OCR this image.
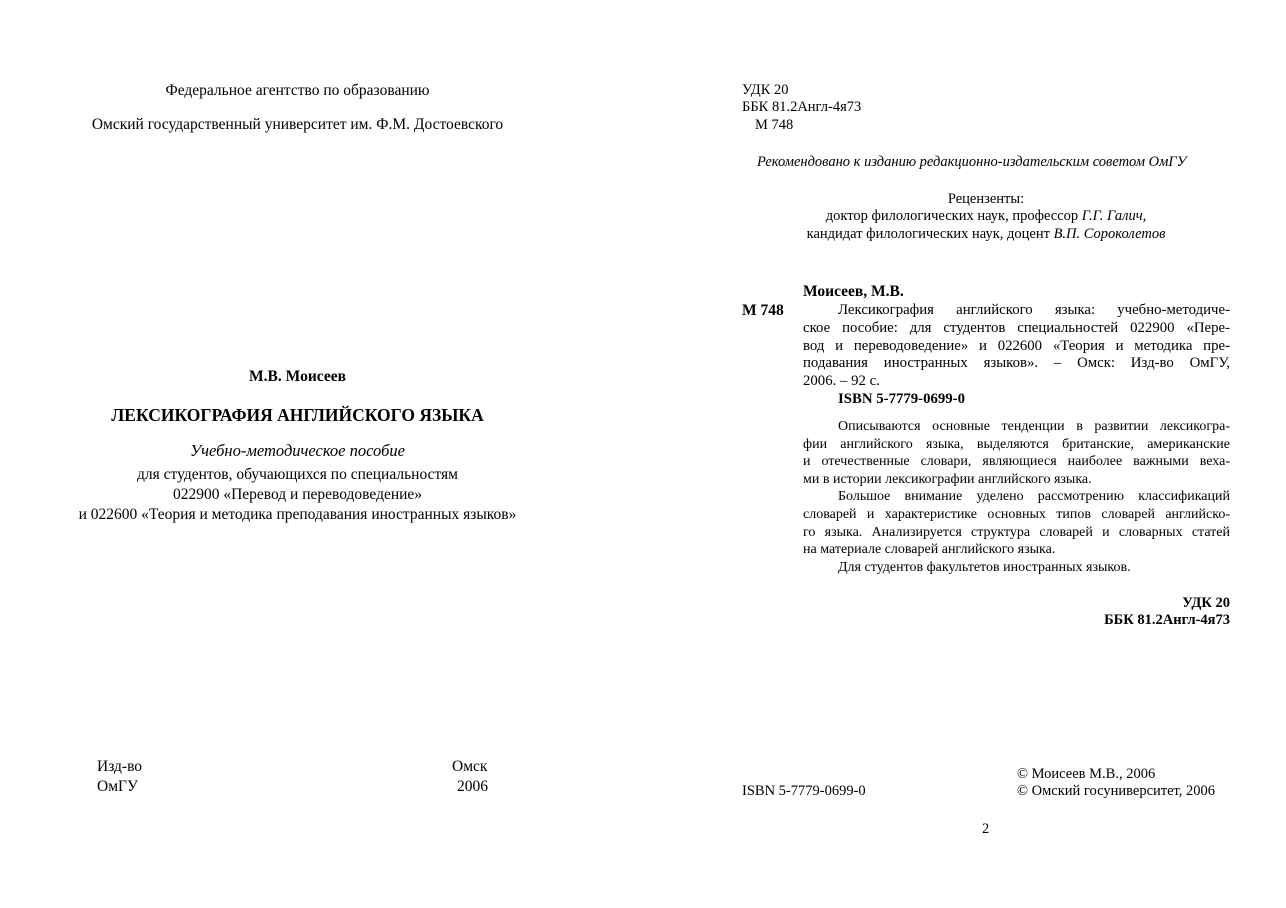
Федеральное агентство по образованию
Омский государственный университет им. Ф.М. Достоевского
М.В. Моисеев
ЛЕКСИКОГРАФИЯ АНГЛИЙСКОГО ЯЗЫКА
Учебно-методическое пособие
для студентов, обучающихся по специальностям
022900 «Перевод и переводоведение»
и 022600 «Теория и методика преподавания иностранных языков»
Изд-во
ОмГУ
Омск
2006
УДК 20
ББК 81.2Англ-4я73
М 748
Рекомендовано к изданию редакционно-издательским советом ОмГУ
Рецензенты:
доктор филологических наук, профессор Г.Г. Галич,
кандидат филологических наук, доцент В.П. Сороколетов
Моисеев, М.В.
М 748	Лексикография английского языка: учебно-методиче-

ское пособие: для студентов специальностей 022900 «Пере-

вод и переводоведение» и 022600 «Теория и методика пре-

подавания иностранных языков». – Омск: Изд-во ОмГУ,

2006. – 92 с.

ISBN 5-7779-0699-0

Описываются основные тенденции в развитии лексикогра-

фии английского языка, выделяются британские, американские

и отечественные словари, являющиеся наиболее важными веха-

ми в истории лексикографии английского языка.

Большое внимание уделено рассмотрению классификаций

словарей и характеристике основных типов словарей английско-

го языка. Анализируется структура словарей и словарных статей

на материале словарей английского языка.

Для студентов факультетов иностранных языков.

УДК 20
ББК 81.2Англ-4я73
ISBN 5-7779-0699-0
© Моисеев М.В., 2006
© Омский госуниверситет, 2006
2
